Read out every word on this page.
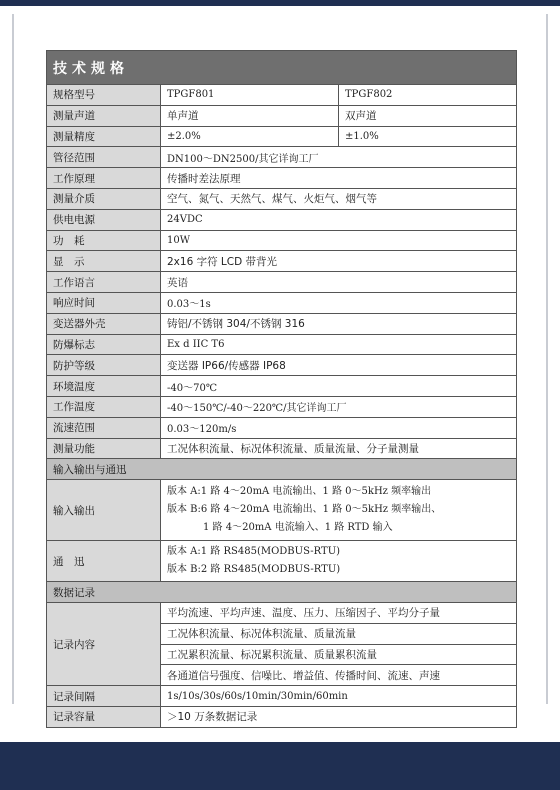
技术规格		
规格型号	TPGF801	TPGF802
测量声道	单声道	双声道
测量精度	±2.0%	±1.0%
管径范围	DN100～DN2500/其它详询工厂	
工作原理	传播时差法原理	
测量介质	空气、氮气、天然气、煤气、火炬气、烟气等	
供电电源	24VDC	
功　耗	10W	
显　示	2x16 字符 LCD 带背光	
工作语言	英语	
响应时间	0.03～1s	
变送器外壳	铸铝/不锈钢 304/不锈钢 316	
防爆标志	Ex d IIC T6	
防护等级	变送器 IP66/传感器 IP68	
环境温度	-40～70℃	
工作温度	-40～150℃/-40～220℃/其它详询工厂	
流速范围	0.03～120m/s	
测量功能	工况体积流量、标况体积流量、质量流量、分子量测量	
输入输出与通迅		
输入输出	版本 A:1 路 4～20mA 电流输出、1 路 0～5kHz 频率输出
版本 B:6 路 4～20mA 电流输出、1 路 0～5kHz 频率输出、
1 路 4～20mA 电流输入、1 路 RTD 输入	

通　迅	版本 A:1 路 RS485(MODBUS-RTU)
版本 B:2 路 RS485(MODBUS-RTU)	

数据记录		
记录内容	平均流速、平均声速、温度、压力、压缩因子、平均分子量	
	工况体积流量、标况体积流量、质量流量	
	工况累积流量、标况累积流量、质量累积流量	
	各通道信号强度、信噪比、增益值、传播时间、流速、声速	
记录间隔	1s/10s/30s/60s/10min/30min/60min	
记录容量	＞10 万条数据记录	
